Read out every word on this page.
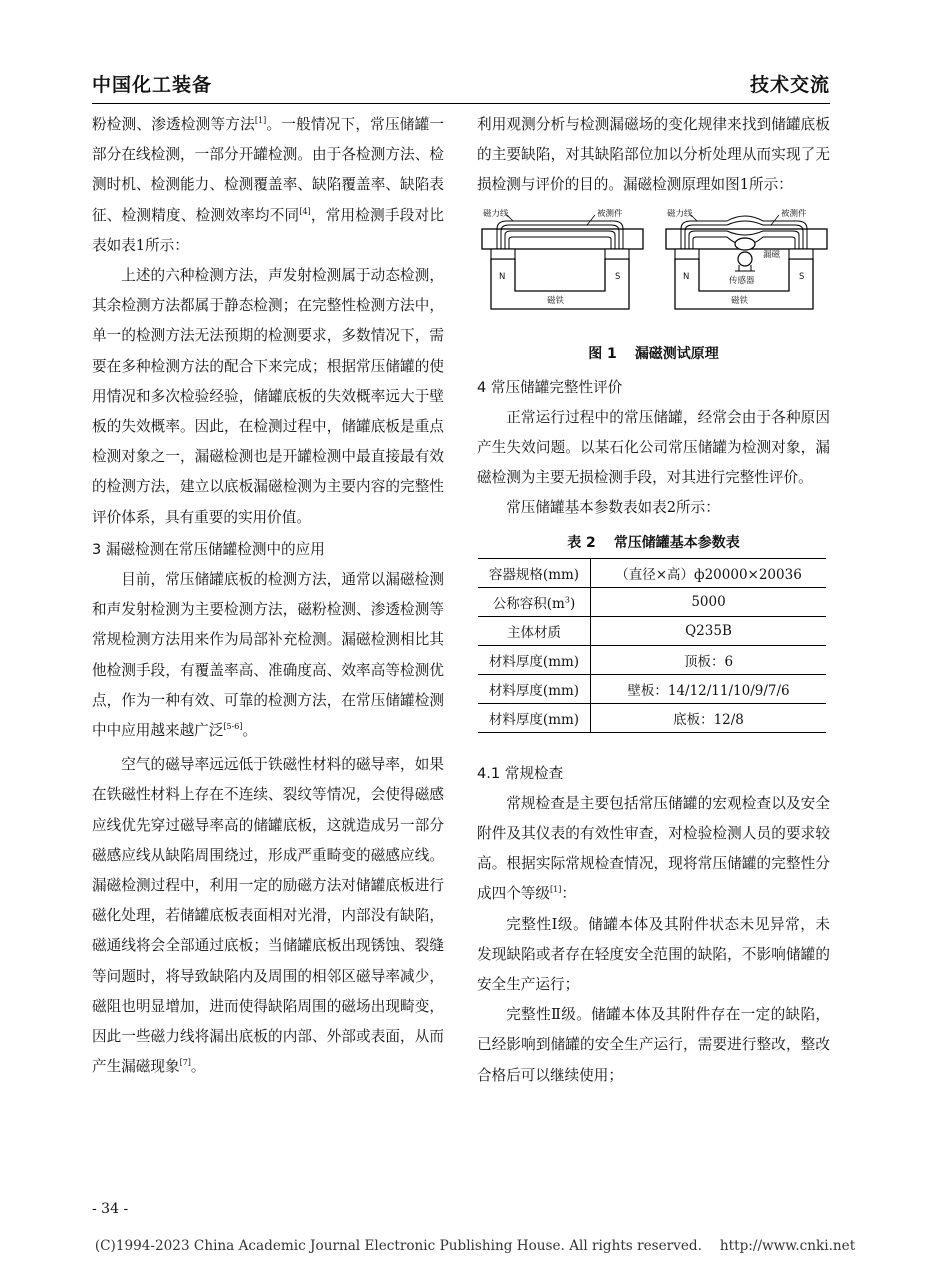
中国化工装备	技术交流

粉检测、渗透检测等方法[1]。一般情况下，常压储罐一部分在线检测，一部分开罐检测。由于各检测方法、检测时机、检测能力、检测覆盖率、缺陷覆盖率、缺陷表征、检测精度、检测效率均不同[4]，常用检测手段对比表如表1所示：

上述的六种检测方法，声发射检测属于动态检测，其余检测方法都属于静态检测；在完整性检测方法中，单一的检测方法无法预期的检测要求，多数情况下，需要在多种检测方法的配合下来完成；根据常压储罐的使用情况和多次检验经验，储罐底板的失效概率远大于壁板的失效概率。因此，在检测过程中，储罐底板是重点检测对象之一，漏磁检测也是开罐检测中最直接最有效的检测方法，建立以底板漏磁检测为主要内容的完整性评价体系，具有重要的实用价值。

3 漏磁检测在常压储罐检测中的应用

目前，常压储罐底板的检测方法，通常以漏磁检测和声发射检测为主要检测方法，磁粉检测、渗透检测等常规检测方法用来作为局部补充检测。漏磁检测相比其他检测手段，有覆盖率高、准确度高、效率高等检测优点，作为一种有效、可靠的检测方法，在常压储罐检测中中应用越来越广泛[5-6]。

空气的磁导率远远低于铁磁性材料的磁导率，如果在铁磁性材料上存在不连续、裂纹等情况，会使得磁感应线优先穿过磁导率高的储罐底板，这就造成另一部分磁感应线从缺陷周围绕过，形成严重畸变的磁感应线。漏磁检测过程中，利用一定的励磁方法对储罐底板进行磁化处理，若储罐底板表面相对光滑，内部没有缺陷，磁通线将会全部通过底板；当储罐底板出现锈蚀、裂缝等问题时，将导致缺陷内及周围的相邻区磁导率减少，磁阻也明显增加，进而使得缺陷周围的磁场出现畸变，因此一些磁力线将漏出底板的内部、外部或表面，从而产生漏磁现象[7]。

利用观测分析与检测漏磁场的变化规律来找到储罐底板的主要缺陷，对其缺陷部位加以分析处理从而实现了无损检测与评价的目的。漏磁检测原理如图1所示：

磁力线	被测件
N	S
磁铁
磁力线	被测件
漏磁
传感器
N	S
磁铁
图 1 漏磁测试原理
4 常压储罐完整性评价

正常运行过程中的常压储罐，经常会由于各种原因产生失效问题。以某石化公司常压储罐为检测对象，漏磁检测为主要无损检测手段，对其进行完整性评价。

常压储罐基本参数表如表2所示：

表 2 常压储罐基本参数表
容器规格(mm)	（直径×高）ф20000×20036
公称容积$(m^3)$	5000
主体材质	Q235B
材料厚度(mm)	顶板：6
材料厚度(mm)	壁板：14/12/11/10/9/7/6
材料厚度(mm)	底板：12/8
4.1 常规检查

常规检查是主要包括常压储罐的宏观检查以及安全附件及其仪表的有效性审查，对检验检测人员的要求较高。根据实际常规检查情况，现将常压储罐的完整性分成四个等级[1]：

完整性Ⅰ级。储罐本体及其附件状态未见异常，未发现缺陷或者存在轻度安全范围的缺陷，不影响储罐的安全生产运行；

完整性Ⅱ级。储罐本体及其附件存在一定的缺陷，已经影响到储罐的安全生产运行，需要进行整改，整改合格后可以继续使用；

- 34 -
(C)1994-2023 China Academic Journal Electronic Publishing House. All rights reserved. http://www.cnki.net
